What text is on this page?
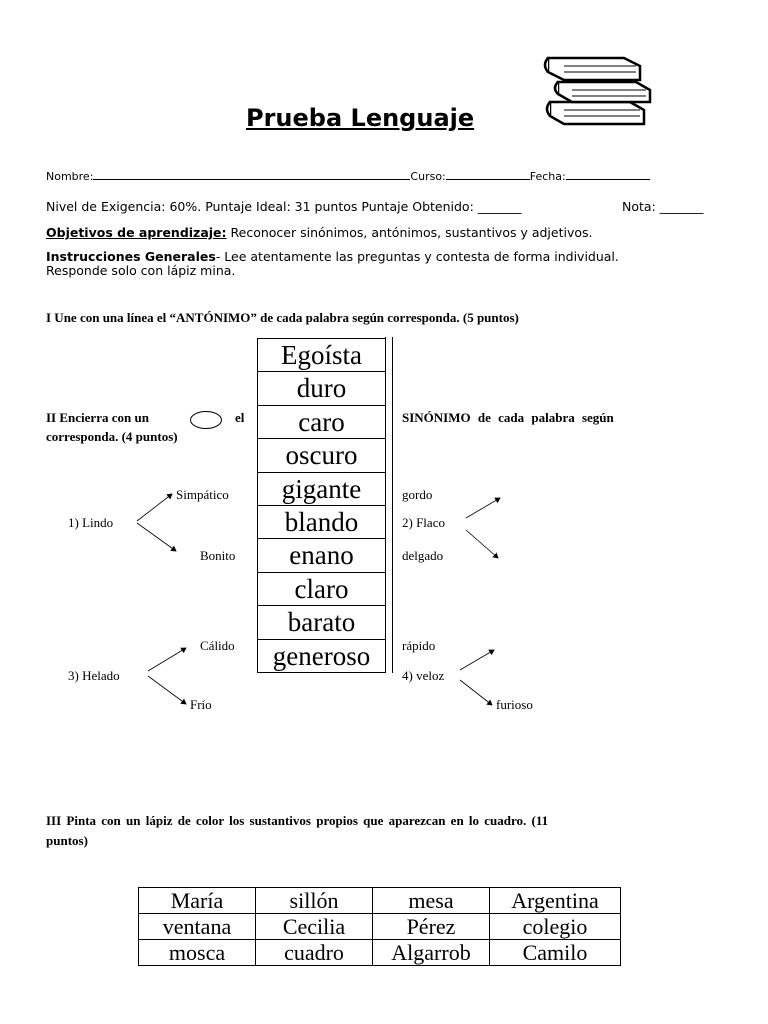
Prueba Lenguaje
Nombre:	Curso:	Fecha:
Nivel de Exigencia: 60%. Puntaje Ideal: 31 puntos Puntaje Obtenido: _______	Nota: _______
Objetivos de aprendizaje: Reconocer sinónimos, antónimos, sustantivos y adjetivos.
Instrucciones Generales- Lee atentamente las preguntas y contesta de forma individual.
Responde solo con lápiz mina.
I Une con una línea el “ANTÓNIMO” de cada palabra según corresponda. (5 puntos)
Egoísta
duro
caro
oscuro
gigante
blando
enano
claro
barato
generoso
II Encierra con un	el	SINÓNIMO de cada palabra según
corresponda. (4 puntos)
Simpático
1) Lindo
Bonito
gordo
2) Flaco
delgado
Cálido
3) Helado
Frío
rápido
4) veloz
furioso
III Pinta con un lápiz de color los sustantivos propios que aparezcan en lo cuadro. (11
puntos)
María	sillón	mesa	Argentina
ventana	Cecilia	Pérez	colegio
mosca	cuadro	Algarrob	Camilo
